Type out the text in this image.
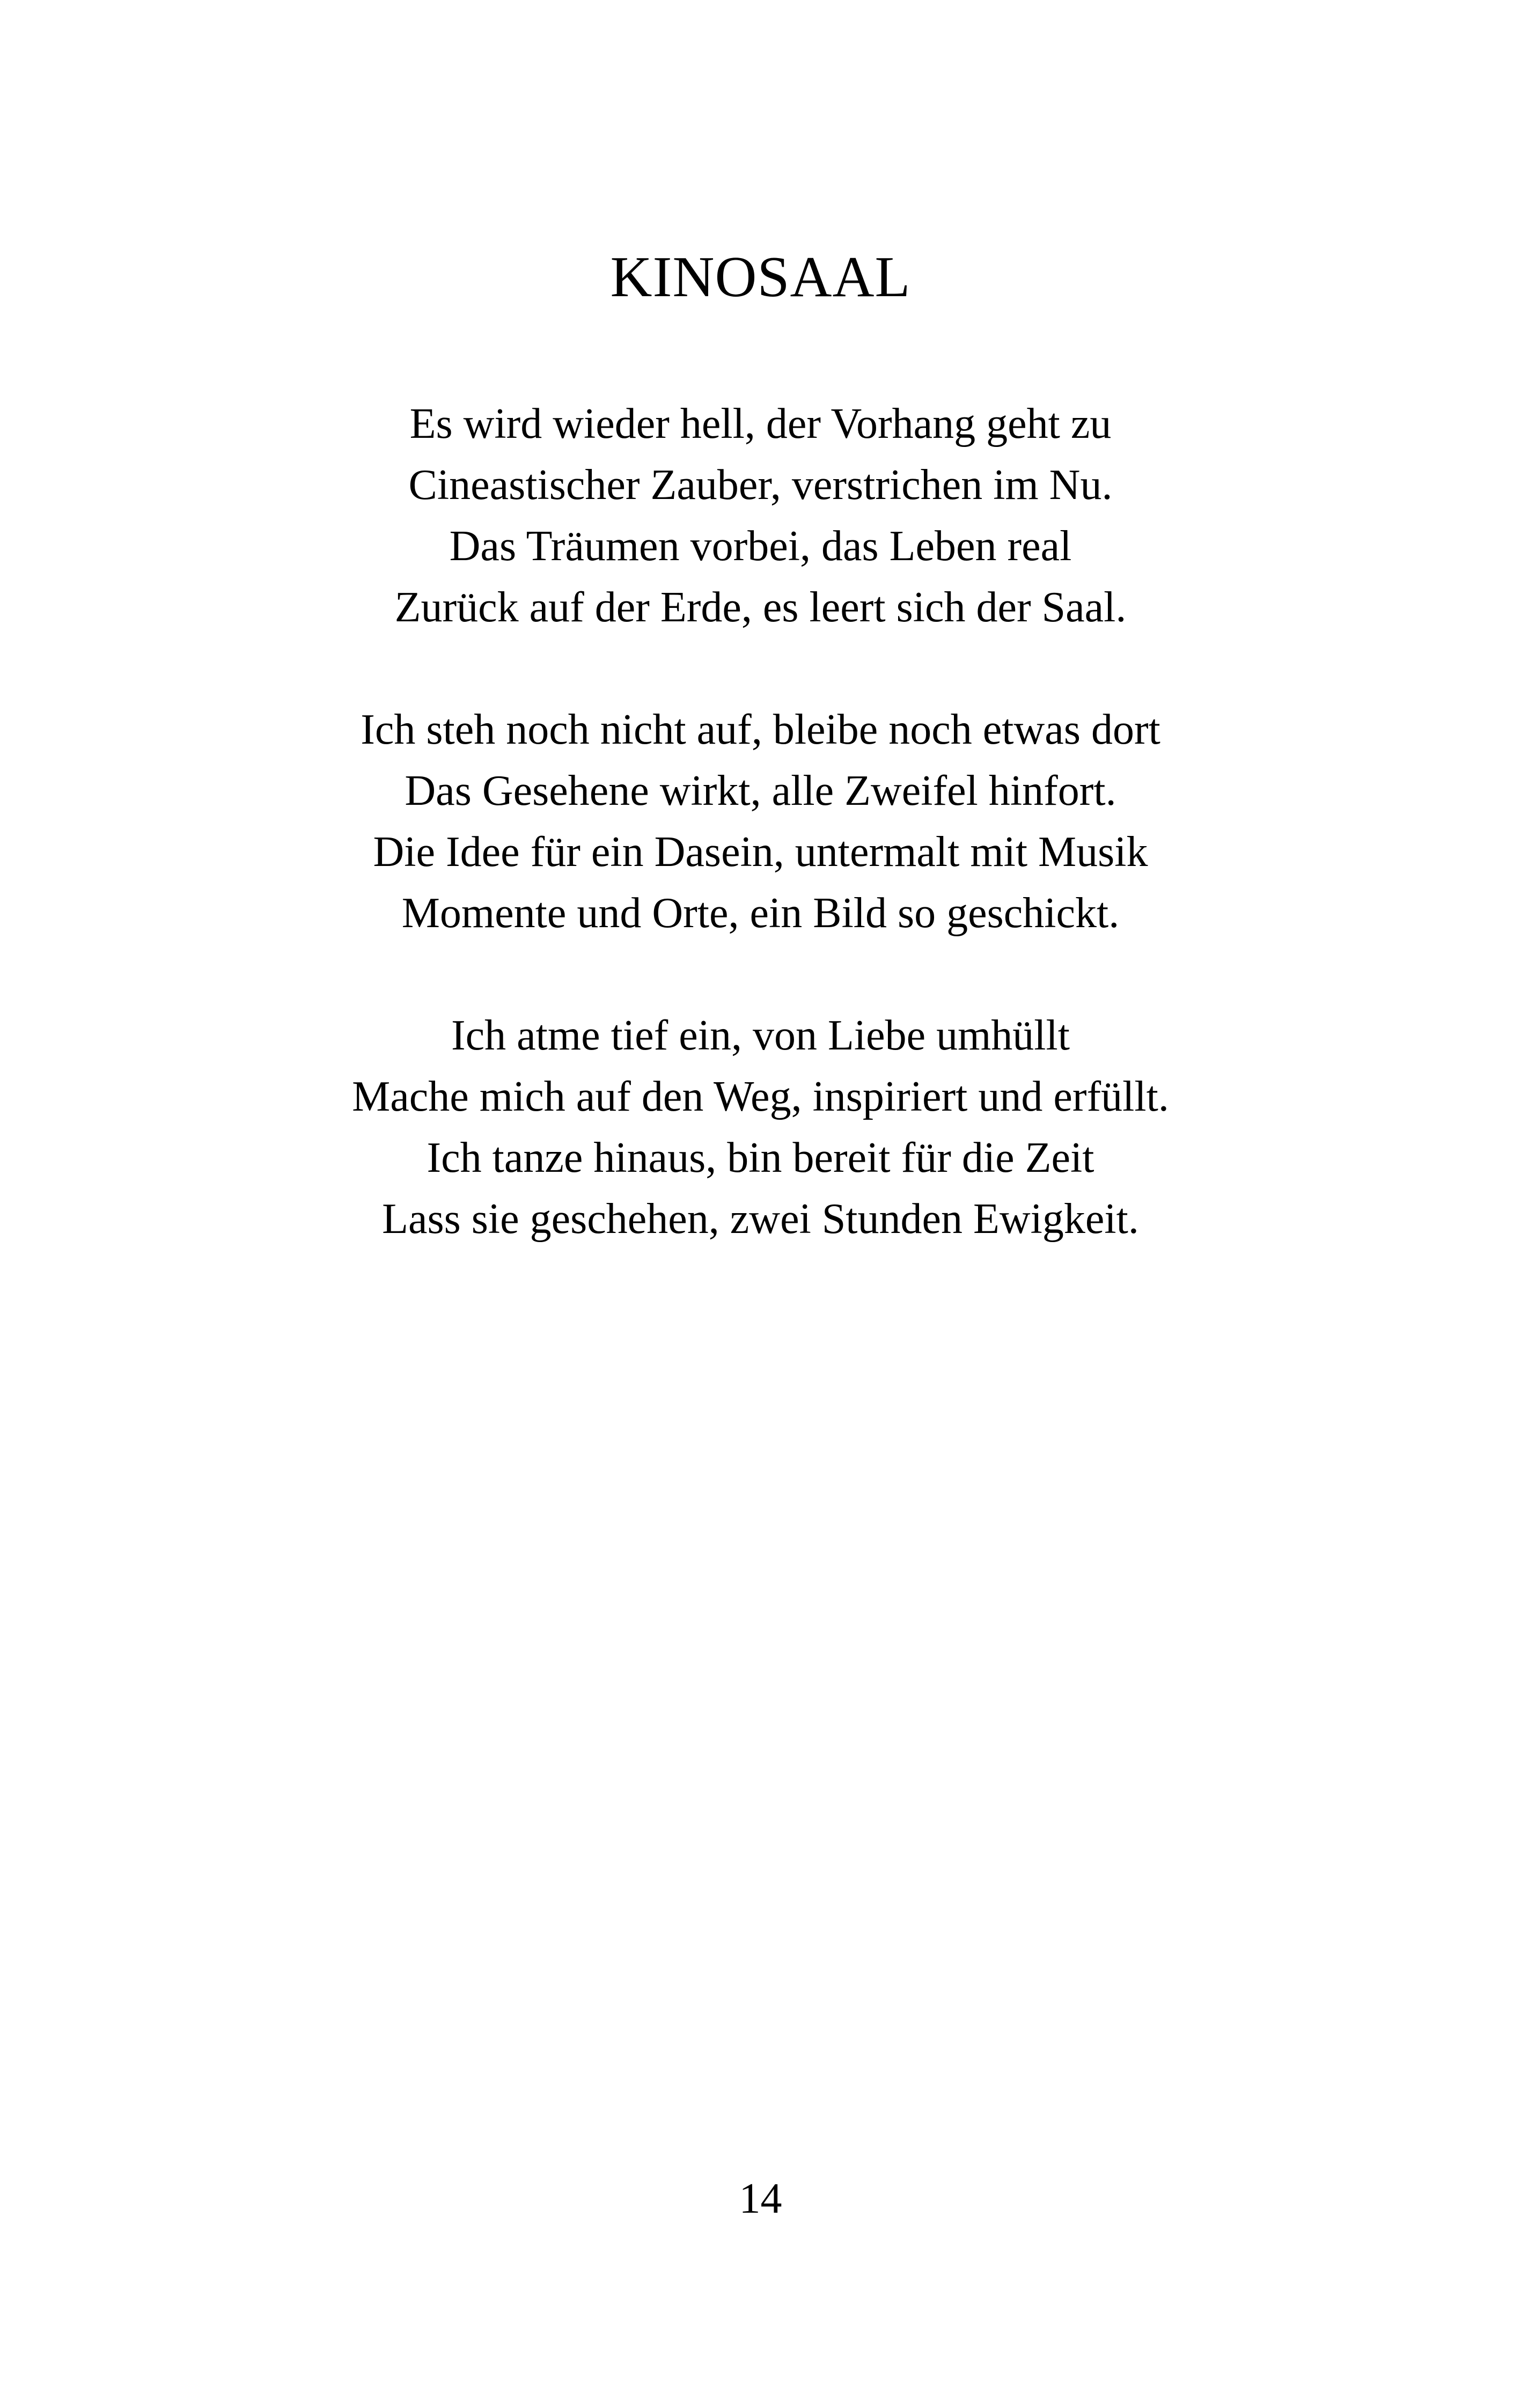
KINOSAAL
Es wird wieder hell, der Vorhang geht zu
Cineastischer Zauber, verstrichen im Nu.
Das Träumen vorbei, das Leben real
Zurück auf der Erde, es leert sich der Saal.
Ich steh noch nicht auf, bleibe noch etwas dort
Das Gesehene wirkt, alle Zweifel hinfort.
Die Idee für ein Dasein, untermalt mit Musik
Momente und Orte, ein Bild so geschickt.
Ich atme tief ein, von Liebe umhüllt
Mache mich auf den Weg, inspiriert und erfüllt.
Ich tanze hinaus, bin bereit für die Zeit
Lass sie geschehen, zwei Stunden Ewigkeit.
14
